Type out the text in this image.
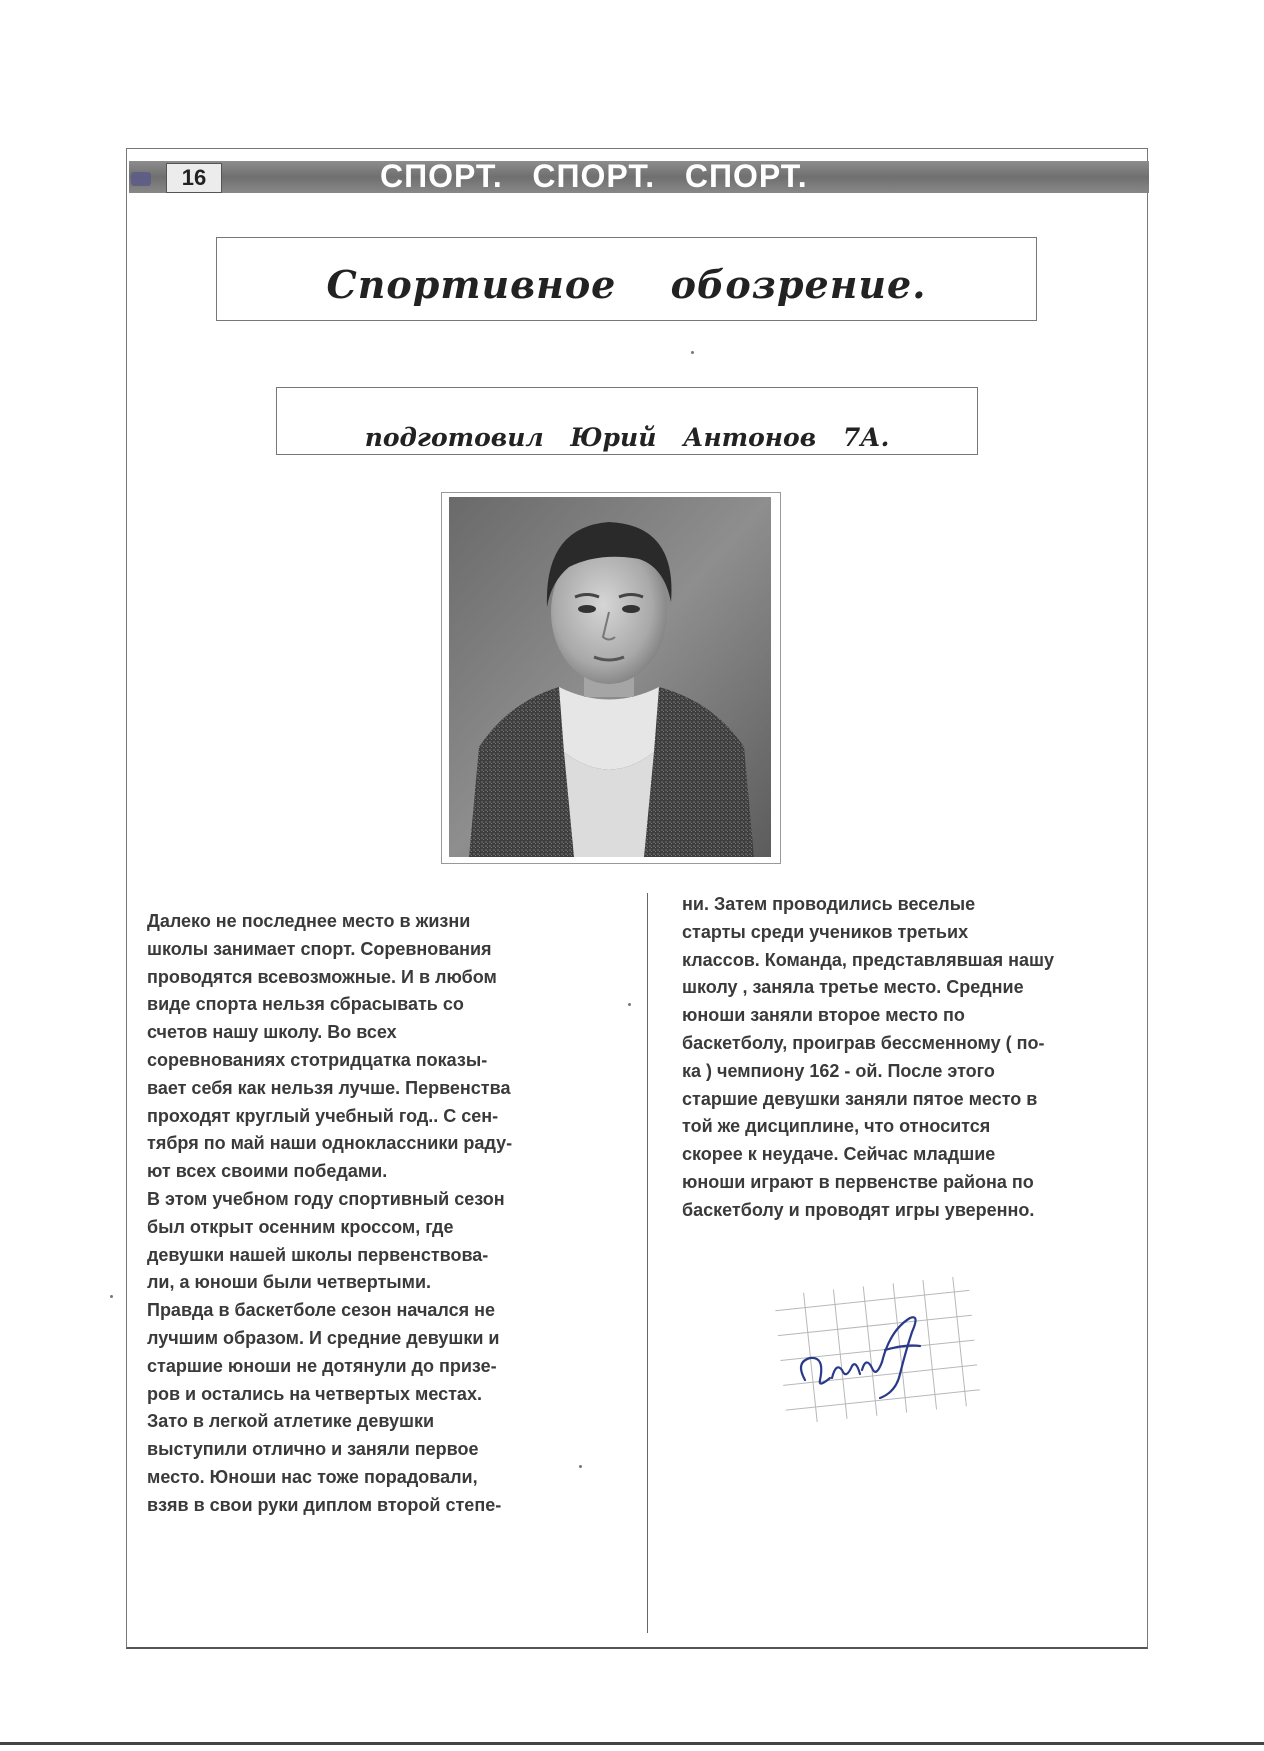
16	СПОРТ.   СПОРТ.   СПОРТ.
Спортивное обозрение.
подготовил Юрий Антонов 7А.

Далеко не последнее место в жизни

школы занимает спорт. Соревнования

проводятся всевозможные. И в любом

виде спорта нельзя сбрасывать со

счетов нашу школу. Во всех

соревнованиях стотридцатка показы-

вает себя как нельзя лучше. Первенства

проходят круглый учебный год.. С сен-

тября по май наши одноклассники раду-

ют всех своими победами.

В этом учебном году спортивный сезон

был открыт осенним кроссом, где

девушки нашей школы первенствова-

ли, а юноши были четвертыми.

Правда в баскетболе сезон начался не

лучшим образом. И средние девушки и

старшие юноши не дотянули до призе-

ров и остались на четвертых местах.

Зато в легкой атлетике девушки

выступили отлично и заняли первое

место. Юноши нас тоже порадовали,

взяв в свои руки диплом второй степе-

ни. Затем проводились веселые

старты среди учеников третьих

классов. Команда, представлявшая нашу

школу , заняла третье место. Средние

юноши заняли второе место по

баскетболу, проиграв бессменному ( по-

ка ) чемпиону 162 - ой. После этого

старшие девушки заняли пятое место в

той же дисциплине, что относится

скорее к неудаче. Сейчас младшие

юноши играют в первенстве района по

баскетболу и проводят игры уверенно.
